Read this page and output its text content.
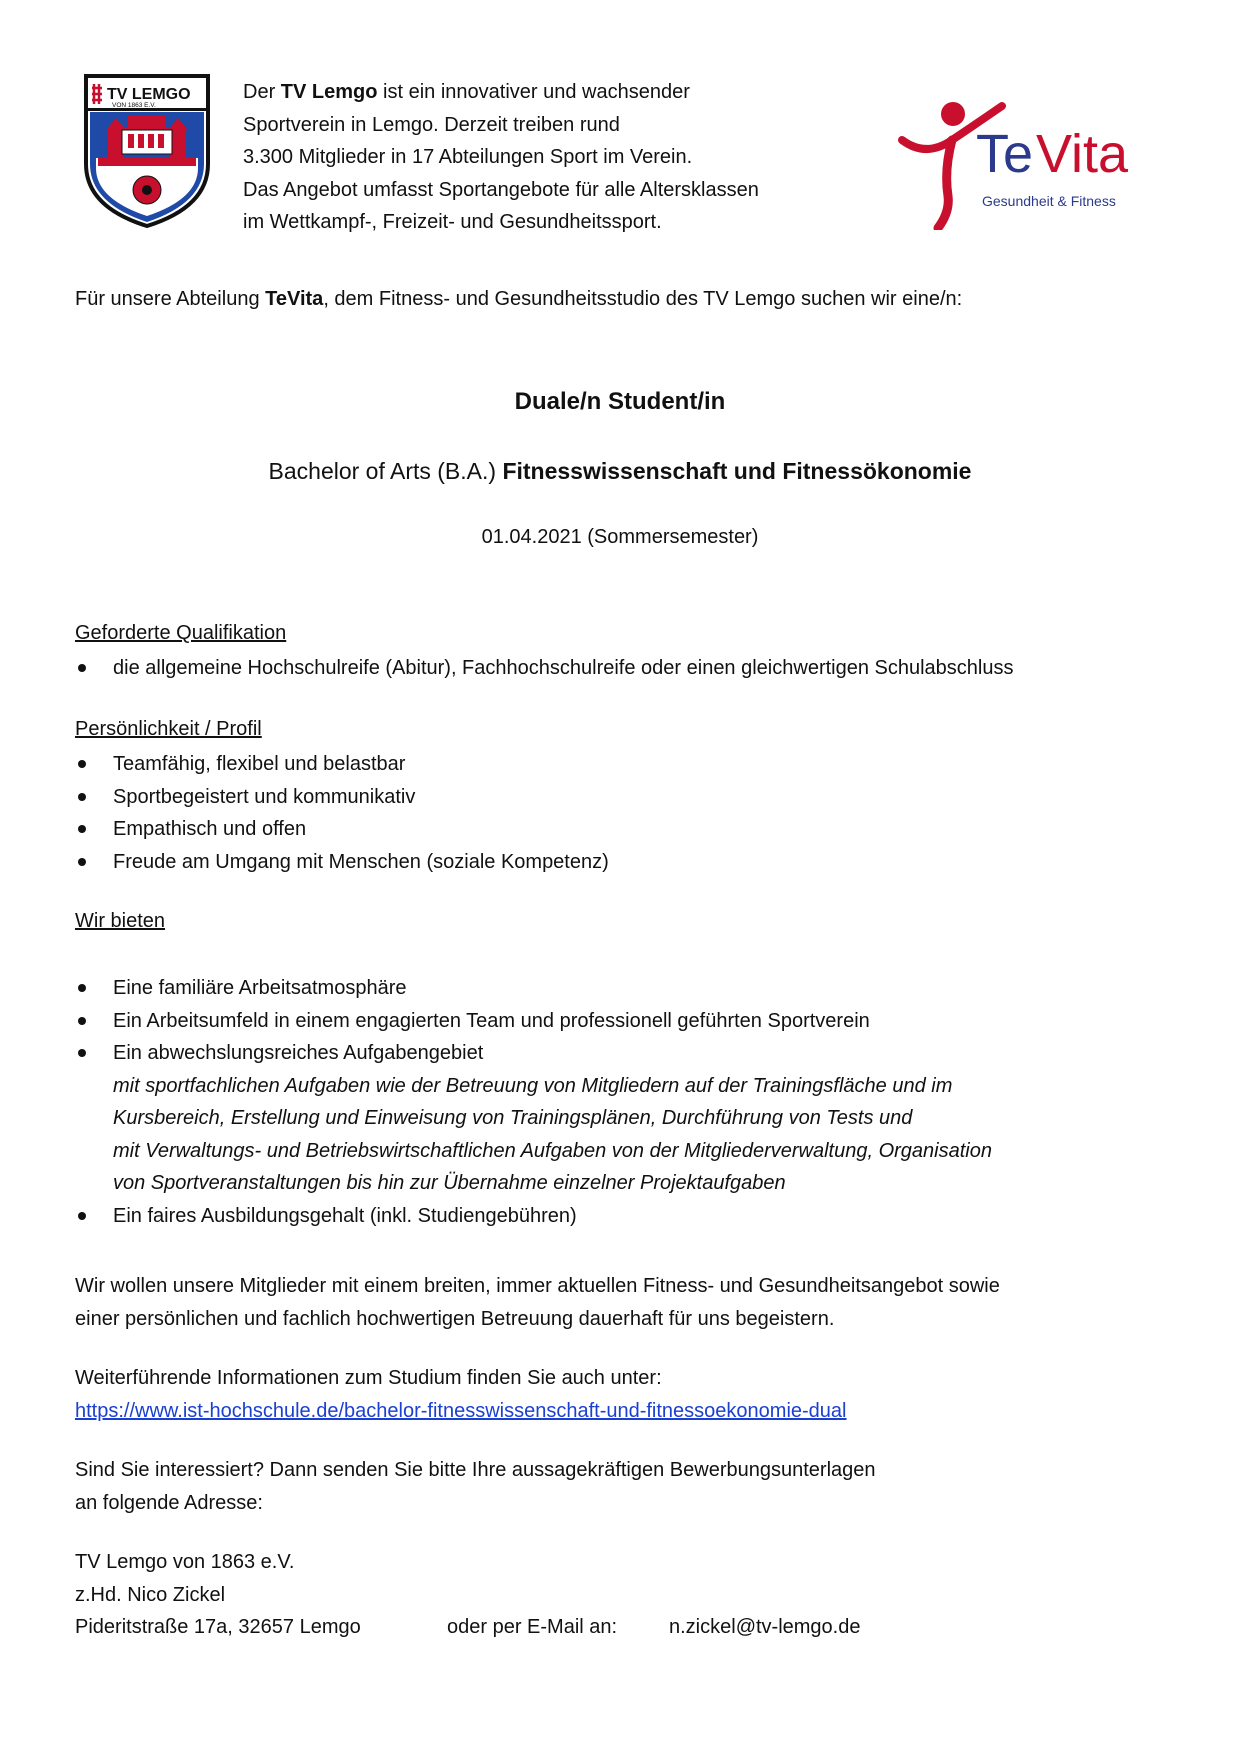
TV LEMGO
VON 1863 E.V.
Der TV Lemgo ist ein innovativer und wachsender
Sportverein in Lemgo. Derzeit treiben rund
3.300 Mitglieder in 17 Abteilungen Sport im Verein.
Das Angebot umfasst Sportangebote für alle Altersklassen
im Wettkampf-, Freizeit- und Gesundheitssport.
Te Vita
Gesundheit & Fitness
Für unsere Abteilung TeVita, dem Fitness- und Gesundheitsstudio des TV Lemgo suchen wir eine/n:
Duale/n Student/in
Bachelor of Arts (B.A.) Fitnesswissenschaft und Fitnessökonomie
01.04.2021 (Sommersemester)
Geforderte Qualifikation
die allgemeine Hochschulreife (Abitur), Fachhochschulreife oder einen gleichwertigen Schulabschluss
Persönlichkeit / Profil
Teamfähig, flexibel und belastbar
Sportbegeistert und kommunikativ
Empathisch und offen
Freude am Umgang mit Menschen (soziale Kompetenz)
Wir bieten
Eine familiäre Arbeitsatmosphäre
Ein Arbeitsumfeld in einem engagierten Team und professionell geführten Sportverein
Ein abwechslungsreiches Aufgabengebiet
mit sportfachlichen Aufgaben wie der Betreuung von Mitgliedern auf der Trainingsfläche und im
Kursbereich, Erstellung und Einweisung von Trainingsplänen, Durchführung von Tests und
mit Verwaltungs- und Betriebswirtschaftlichen Aufgaben von der Mitgliederverwaltung, Organisation
von Sportveranstaltungen bis hin zur Übernahme einzelner Projektaufgaben
Ein faires Ausbildungsgehalt (inkl. Studiengebühren)
Wir wollen unsere Mitglieder mit einem breiten, immer aktuellen Fitness- und Gesundheitsangebot sowie
einer persönlichen und fachlich hochwertigen Betreuung dauerhaft für uns begeistern.
Weiterführende Informationen zum Studium finden Sie auch unter:
https://www.ist-hochschule.de/bachelor-fitnesswissenschaft-und-fitnessoekonomie-dual
Sind Sie interessiert? Dann senden Sie bitte Ihre aussagekräftigen Bewerbungsunterlagen
an folgende Adresse:
TV Lemgo von 1863 e.V.
z.Hd. Nico Zickel
Pideritstraße 17a, 32657 Lemgo	oder per E-Mail an:	n.zickel@tv-lemgo.de
